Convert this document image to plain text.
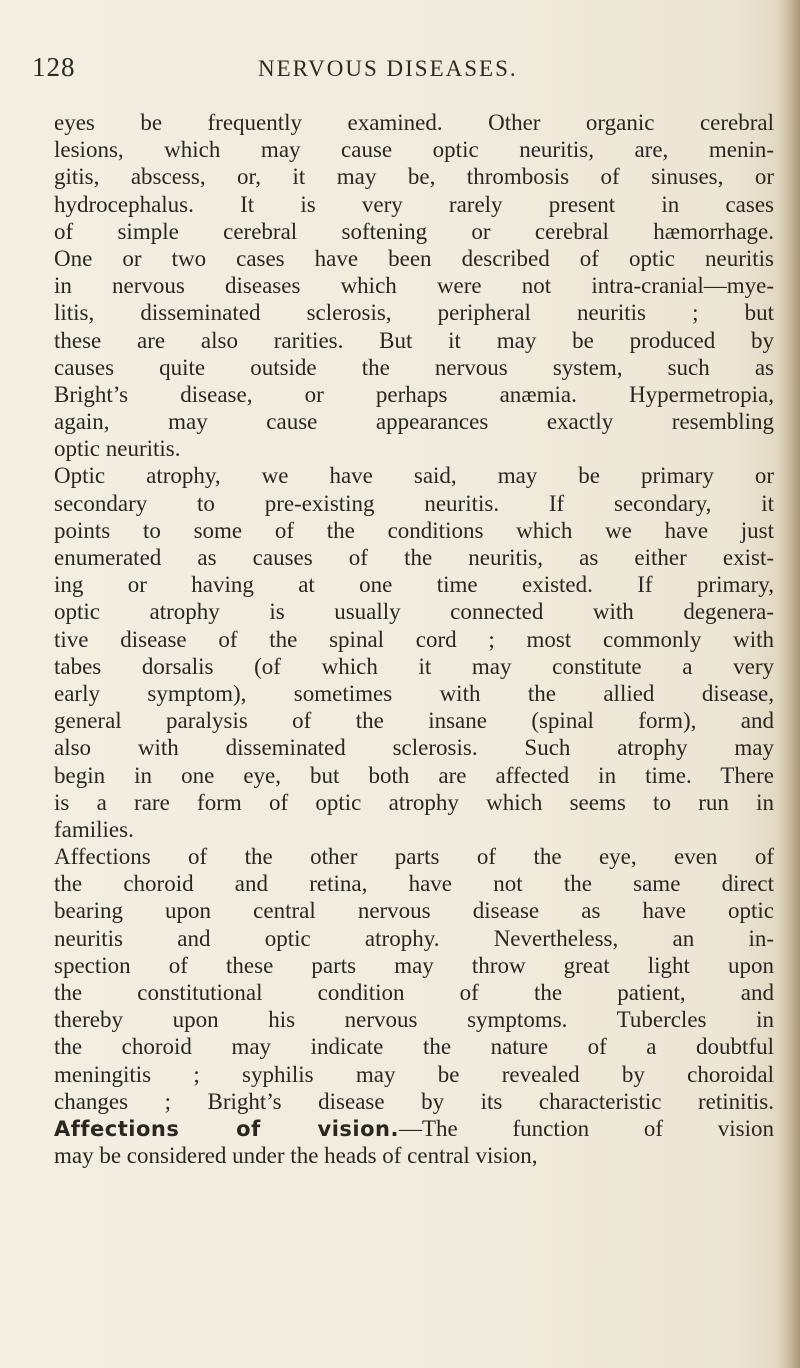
128	NERVOUS DISEASES.
eyes be frequently examined. Other organic cerebral
lesions, which may cause optic neuritis, are, menin-
gitis, abscess, or, it may be, thrombosis of sinuses, or
hydrocephalus. It is very rarely present in cases
of simple cerebral softening or cerebral hæmorrhage.
One or two cases have been described of optic neuritis
in nervous diseases which were not intra-cranial—mye-
litis, disseminated sclerosis, peripheral neuritis ; but
these are also rarities. But it may be produced by
causes quite outside the nervous system, such as
Bright’s disease, or perhaps anæmia. Hypermetropia,
again, may cause appearances exactly resembling
optic neuritis.
Optic atrophy, we have said, may be primary or
secondary to pre-existing neuritis. If secondary, it
points to some of the conditions which we have just
enumerated as causes of the neuritis, as either exist-
ing or having at one time existed. If primary,
optic atrophy is usually connected with degenera-
tive disease of the spinal cord ; most commonly with
tabes dorsalis (of which it may constitute a very
early symptom), sometimes with the allied disease,
general paralysis of the insane (spinal form), and
also with disseminated sclerosis. Such atrophy may
begin in one eye, but both are affected in time. There
is a rare form of optic atrophy which seems to run in
families.
Affections of the other parts of the eye, even of
the choroid and retina, have not the same direct
bearing upon central nervous disease as have optic
neuritis and optic atrophy. Nevertheless, an in-
spection of these parts may throw great light upon
the constitutional condition of the patient, and
thereby upon his nervous symptoms. Tubercles in
the choroid may indicate the nature of a doubtful
meningitis ; syphilis may be revealed by choroidal
changes ; Bright’s disease by its characteristic retinitis.
Affections of vision.—The function of vision
may be considered under the heads of central vision,
